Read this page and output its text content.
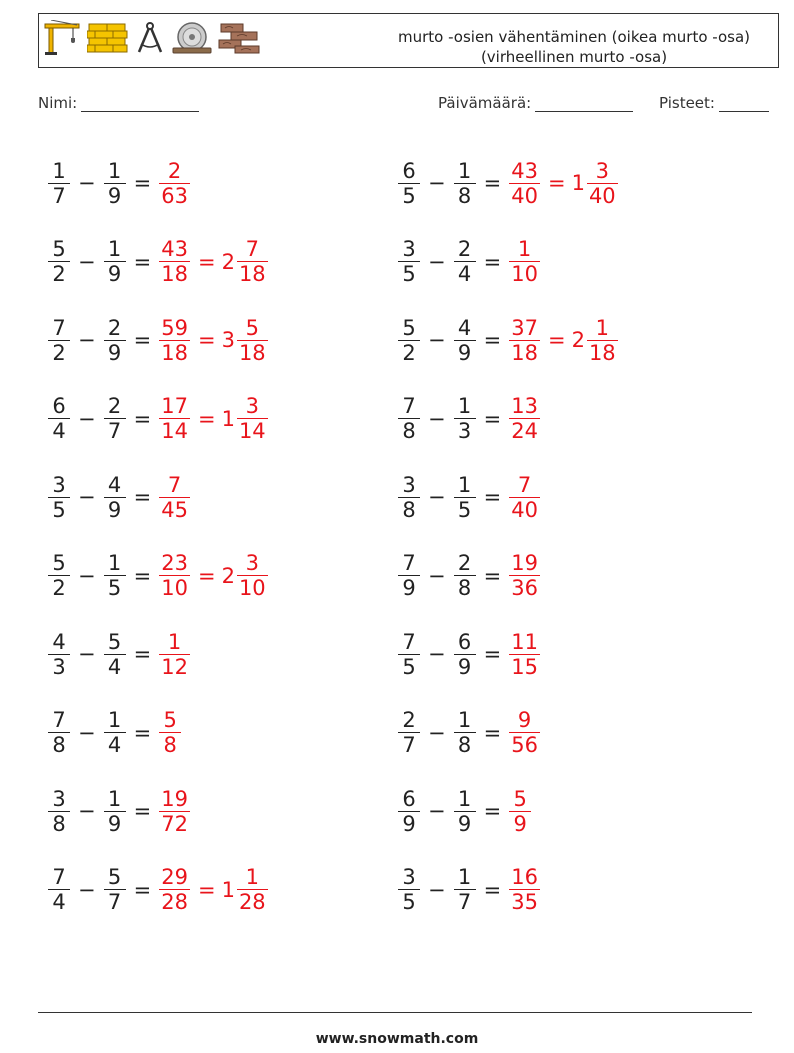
murto -osien vähentäminen (oikea murto -osa) (virheellinen murto -osa)
Nimi:	Päivämäärä:	Pisteet:
$\frac{1}{7} - \frac{1}{9} = \frac{2}{63}$
$\frac{5}{2} - \frac{1}{9} = \frac{43}{18} = 2 \frac{7}{18}$
$\frac{7}{2} - \frac{2}{9} = \frac{59}{18} = 3 \frac{5}{18}$
$\frac{6}{4} - \frac{2}{7} = \frac{17}{14} = 1 \frac{3}{14}$
$\frac{3}{5} - \frac{4}{9} = \frac{7}{45}$
$\frac{5}{2} - \frac{1}{5} = \frac{23}{10} = 2 \frac{3}{10}$
$\frac{4}{3} - \frac{5}{4} = \frac{1}{12}$
$\frac{7}{8} - \frac{1}{4} = \frac{5}{8}$
$\frac{3}{8} - \frac{1}{9} = \frac{19}{72}$
$\frac{7}{4} - \frac{5}{7} = \frac{29}{28} = 1 \frac{1}{28}$
$\frac{6}{5} - \frac{1}{8} = \frac{43}{40} = 1 \frac{3}{40}$
$\frac{3}{5} - \frac{2}{4} = \frac{1}{10}$
$\frac{5}{2} - \frac{4}{9} = \frac{37}{18} = 2 \frac{1}{18}$
$\frac{7}{8} - \frac{1}{3} = \frac{13}{24}$
$\frac{3}{8} - \frac{1}{5} = \frac{7}{40}$
$\frac{7}{9} - \frac{2}{8} = \frac{19}{36}$
$\frac{7}{5} - \frac{6}{9} = \frac{11}{15}$
$\frac{2}{7} - \frac{1}{8} = \frac{9}{56}$
$\frac{6}{9} - \frac{1}{9} = \frac{5}{9}$
$\frac{3}{5} - \frac{1}{7} = \frac{16}{35}$
www.snowmath.com
